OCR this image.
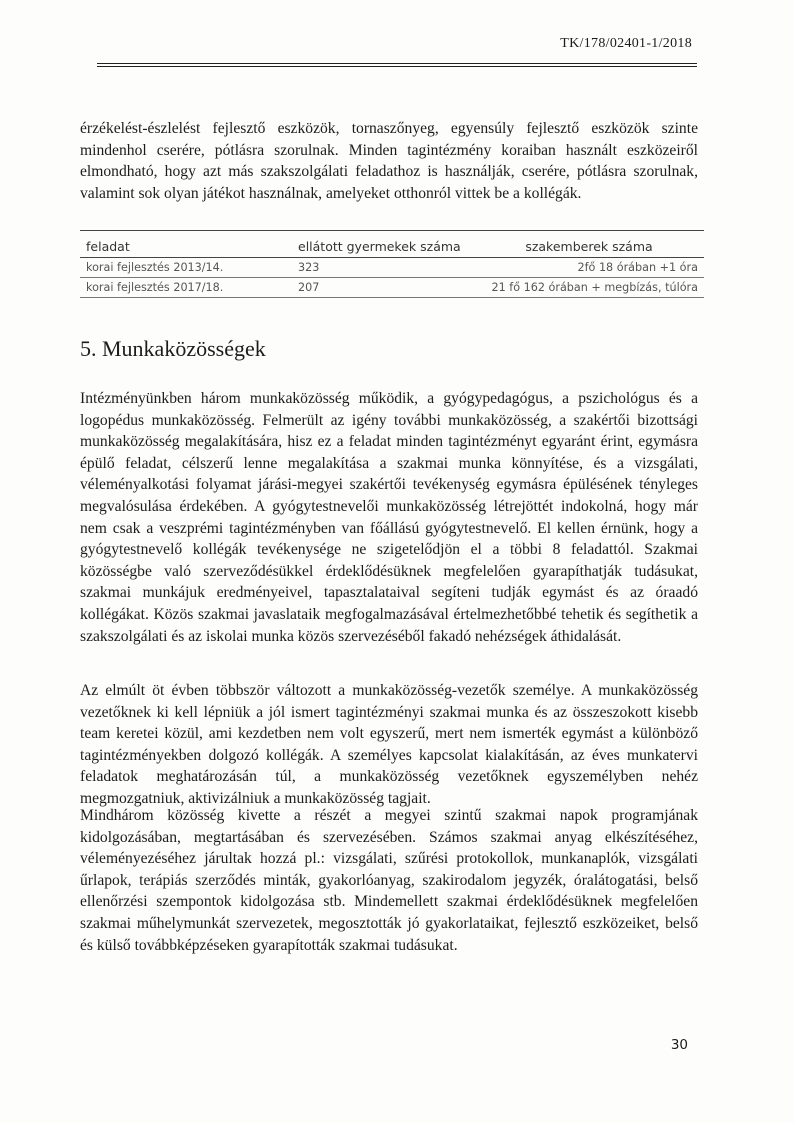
TK/178/02401-1/2018

érzékelést-észlelést fejlesztő eszközök, tornaszőnyeg, egyensúly fejlesztő eszközök szinte mindenhol cserére, pótlásra szorulnak. Minden tagintézmény koraiban használt eszközeiről elmondható, hogy azt más szakszolgálati feladathoz is használják, cserére, pótlásra szorulnak, valamint sok olyan játékot használnak, amelyeket otthonról vittek be a kollégák.

feladat	ellátott gyermekek száma	szakemberek száma
korai fejlesztés 2013/14.	323	2fő 18 órában +1 óra
korai fejlesztés 2017/18.	207	21 fő 162 órában + megbízás, túlóra
5. Munkaközösségek

Intézményünkben három munkaközösség működik, a gyógypedagógus, a pszichológus és a logopédus munkaközösség. Felmerült az igény további munkaközösség, a szakértői bizottsági munkaközösség megalakítására, hisz ez a feladat minden tagintézményt egyaránt érint, egymásra épülő feladat, célszerű lenne megalakítása a szakmai munka könnyítése, és a vizsgálati, véleményalkotási folyamat járási-megyei szakértői tevékenység egymásra épülésének tényleges megvalósulása érdekében. A gyógytestnevelői munkaközösség létrejöttét indokolná, hogy már nem csak a veszprémi tagintézményben van főállású gyógytestnevelő. El kellen érnünk, hogy a gyógytestnevelő kollégák tevékenysége ne szigetelődjön el a többi 8 feladattól. Szakmai közösségbe való szerveződésükkel érdeklődésüknek megfelelően gyarapíthatják tudásukat, szakmai munkájuk eredményeivel, tapasztalataival segíteni tudják egymást és az óraadó kollégákat. Közös szakmai javaslataik megfogalmazásával értelmezhetőbbé tehetik és segíthetik a szakszolgálati és az iskolai munka közös szervezéséből fakadó nehézségek áthidalását.

Az elmúlt öt évben többször változott a munkaközösség-vezetők személye. A munkaközösség vezetőknek ki kell lépniük a jól ismert tagintézményi szakmai munka és az összeszokott kisebb team keretei közül, ami kezdetben nem volt egyszerű, mert nem ismerték egymást a különböző tagintézményekben dolgozó kollégák. A személyes kapcsolat kialakításán, az éves munkatervi feladatok meghatározásán túl, a munkaközösség vezetőknek egyszemélyben nehéz megmozgatniuk, aktivizálniuk a munkaközösség tagjait.

Mindhárom közösség kivette a részét a megyei szintű szakmai napok programjának kidolgozásában, megtartásában és szervezésében. Számos szakmai anyag elkészítéséhez, véleményezéséhez járultak hozzá pl.: vizsgálati, szűrési protokollok, munkanaplók, vizsgálati űrlapok, terápiás szerződés minták, gyakorlóanyag, szakirodalom jegyzék, óralátogatási, belső ellenőrzési szempontok kidolgozása stb. Mindemellett szakmai érdeklődésüknek megfelelően szakmai műhelymunkát szervezetek, megosztották jó gyakorlataikat, fejlesztő eszközeiket, belső és külső továbbképzéseken gyarapították szakmai tudásukat.

30
